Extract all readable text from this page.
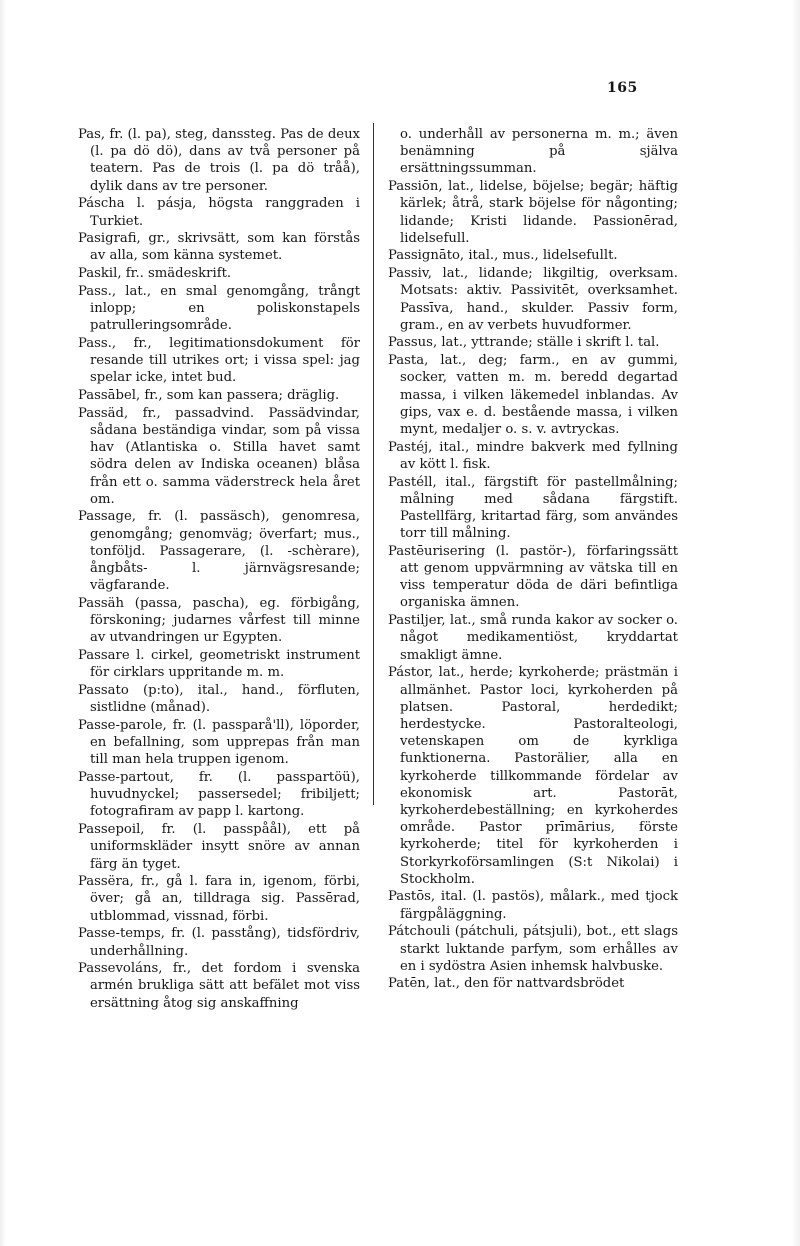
165

Pas, fr. (l. pa), steg, danssteg. Pas de deux (l. pa dö dö), dans av två personer på teatern. Pas de trois (l. pa dö tråå), dylik dans av tre personer.

Páscha l. pásja, högsta ranggraden i Turkiet.

Pasigrafi, gr., skrivsätt, som kan förstås av alla, som känna systemet.

Paskil, fr.. smädeskrift.

Pass., lat., en smal genomgång, trångt inlopp; en poliskonstapels patrulleringsområde.

Pass., fr., legitimationsdokument för resande till utrikes ort; i vissa spel: jag spelar icke, intet bud.

Passābel, fr., som kan passera; dräglig.

Passäd, fr., passadvind. Passädvindar, sådana beständiga vindar, som på vissa hav (Atlantiska o. Stilla havet samt södra delen av Indiska oceanen) blåsa från ett o. samma väderstreck hela året om.

Passage, fr. (l. passäsch), genomresa, genomgång; genomväg; överfart; mus., tonföljd. Passagerare, (l. -schèrare), ångbåts- l. järnvägsresande; vägfarande.

Passäh (passa, pascha), eg. förbigång, förskoning; judarnes vårfest till minne av utvandringen ur Egypten.

Passare l. cirkel, geometriskt instrument för cirklars uppritande m. m.

Passato (p:to), ital., hand., förfluten, sistlidne (månad).

Passe-parole, fr. (l. passparå'll), löporder, en befallning, som upprepas från man till man hela truppen igenom.

Passe-partout, fr. (l. passpartöü), huvudnyckel; passersedel; fribiljett; fotografiram av papp l. kartong.

Passepoil, fr. (l. passpåål), ett på uniformskläder insytt snöre av annan färg än tyget.

Passëra, fr., gå l. fara in, igenom, förbi, över; gå an, tilldraga sig. Passērad, utblommad, vissnad, förbi.

Passe-temps, fr. (l. passtång), tidsfördriv, underhållning.

Passevoláns, fr., det fordom i svenska armén brukliga sätt att befälet mot viss ersättning åtog sig anskaffning

o. underhåll av personerna m. m.; även benämning på själva ersättningssumman.

Passiōn, lat., lidelse, böjelse; begär; häftig kärlek; åtrå, stark böjelse för någonting; lidande; Kristi lidande. Passionērad, lidelsefull.

Passignāto, ital., mus., lidelsefullt.

Passiv, lat., lidande; likgiltig, overksam. Motsats: aktiv. Passivitēt, overksamhet. Passīva, hand., skulder. Passiv form, gram., en av verbets huvudformer.

Passus, lat., yttrande; ställe i skrift l. tal.

Pasta, lat., deg; farm., en av gummi, socker, vatten m. m. beredd degartad massa, i vilken läkemedel inblandas. Av gips, vax e. d. bestående massa, i vilken mynt, medaljer o. s. v. avtryckas.

Pastéj, ital., mindre bakverk med fyllning av kött l. fisk.

Pastéll, ital., färgstift för pastellmålning; målning med sådana färgstift. Pastellfärg, kritartad färg, som användes torr till målning.

Pastēurisering (l. pastör-), förfaringssätt att genom uppvärmning av vätska till en viss temperatur döda de däri befintliga organiska ämnen.

Pastiljer, lat., små runda kakor av socker o. något medikamentiöst, kryddartat smakligt ämne.

Pástor, lat., herde; kyrkoherde; prästmän i allmänhet. Pastor loci, kyrkoherden på platsen. Pastoral, herdedikt; herdestycke. Pastoralteologi, vetenskapen om de kyrkliga funktionerna. Pastorälier, alla en kyrkoherde tillkommande fördelar av ekonomisk art. Pastorāt, kyrkoherdebeställning; en kyrkoherdes område. Pastor prīmārius, förste kyrkoherde; titel för kyrkoherden i Storkyrkoförsamlingen (S:t Nikolai) i Stockholm.

Pastōs, ital. (l. pastös), målark., med tjock färgpåläggning.

Pátchouli (pátchuli, pátsjuli), bot., ett slags starkt luktande parfym, som erhålles av en i sydöstra Asien inhemsk halvbuske.

Patēn, lat., den för nattvardsbrödet
